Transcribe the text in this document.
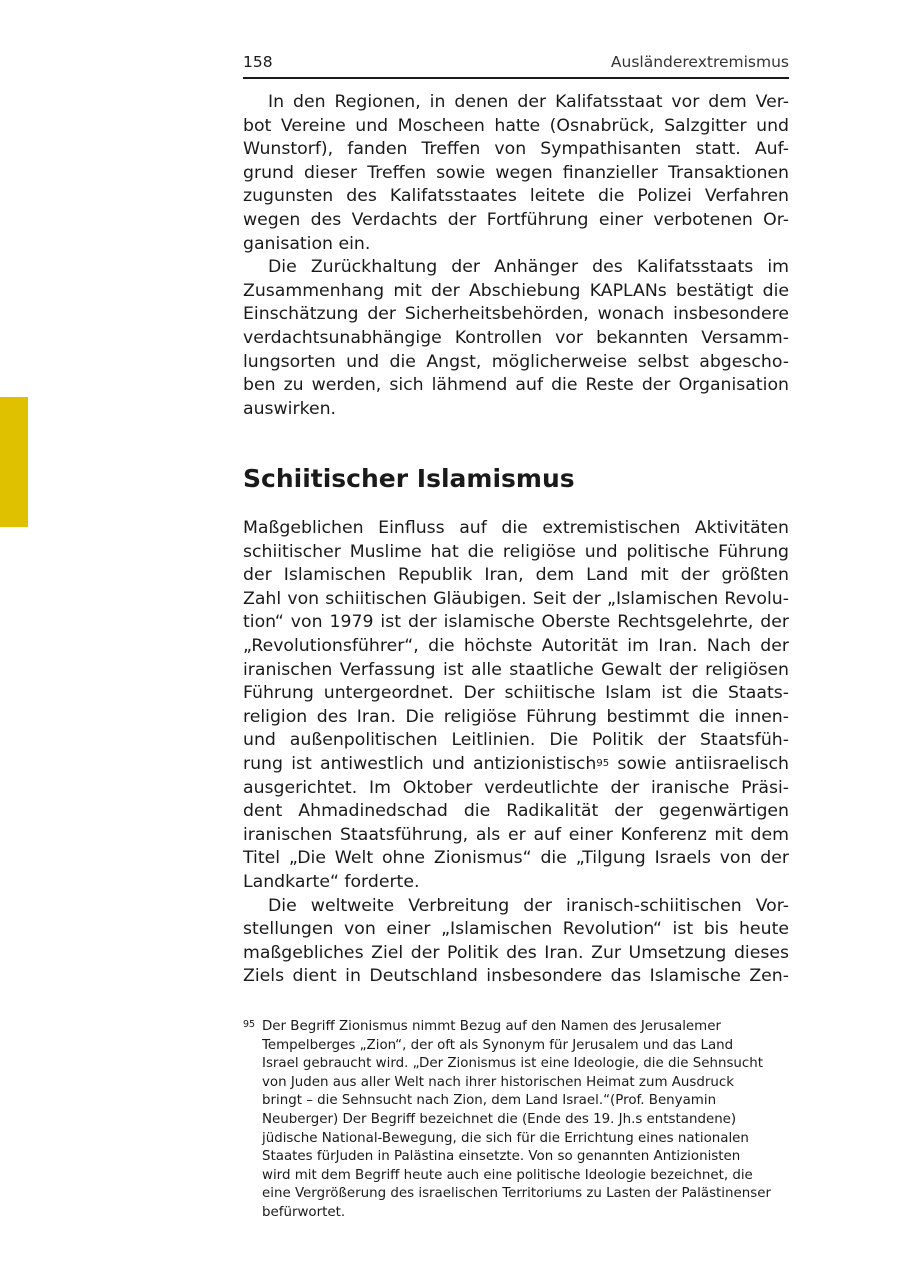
158	Ausländerextremismus
In den Regionen, in denen der Kalifatsstaat vor dem Ver-
bot Vereine und Moscheen hatte (Osnabrück, Salzgitter und
Wunstorf), fanden Treffen von Sympathisanten statt. Auf-
grund dieser Treffen sowie wegen finanzieller Transaktionen
zugunsten des Kalifatsstaates leitete die Polizei Verfahren
wegen des Verdachts der Fortführung einer verbotenen Or-
ganisation ein.
Die Zurückhaltung der Anhänger des Kalifatsstaats im
Zusammenhang mit der Abschiebung KAPLANs bestätigt die
Einschätzung der Sicherheitsbehörden, wonach insbesondere
verdachtsunabhängige Kontrollen vor bekannten Versamm-
lungsorten und die Angst, möglicherweise selbst abgescho-
ben zu werden, sich lähmend auf die Reste der Organisation
auswirken.
Schiitischer Islamismus
Maßgeblichen Einfluss auf die extremistischen Aktivitäten
schiitischer Muslime hat die religiöse und politische Führung
der Islamischen Republik Iran, dem Land mit der größten
Zahl von schiitischen Gläubigen. Seit der „Islamischen Revolu-
tion“ von 1979 ist der islamische Oberste Rechtsgelehrte, der
„Revolutionsführer“, die höchste Autorität im Iran. Nach der
iranischen Verfassung ist alle staatliche Gewalt der religiösen
Führung untergeordnet. Der schiitische Islam ist die Staats-
religion des Iran. Die religiöse Führung bestimmt die innen-
und außenpolitischen Leitlinien. Die Politik der Staatsfüh-
rung ist antiwestlich und antizionistisch$^{95}$ sowie antiisraelisch
ausgerichtet. Im Oktober verdeutlichte der iranische Präsi-
dent Ahmadinedschad die Radikalität der gegenwärtigen
iranischen Staatsführung, als er auf einer Konferenz mit dem
Titel „Die Welt ohne Zionismus“ die „Tilgung Israels von der
Landkarte“ forderte.
Die weltweite Verbreitung der iranisch-schiitischen Vor-
stellungen von einer „Islamischen Revolution“ ist bis heute
maßgebliches Ziel der Politik des Iran. Zur Umsetzung dieses
Ziels dient in Deutschland insbesondere das Islamische Zen-
95 Der Begriff Zionismus nimmt Bezug auf den Namen des Jerusalemer
Tempelberges „Zion“, der oft als Synonym für Jerusalem und das Land
Israel gebraucht wird. „Der Zionismus ist eine Ideologie, die die Sehnsucht
von Juden aus aller Welt nach ihrer historischen Heimat zum Ausdruck
bringt – die Sehnsucht nach Zion, dem Land Israel.“(Prof. Benyamin
Neuberger) Der Begriff bezeichnet die (Ende des 19. Jh.s entstandene)
jüdische National-Bewegung, die sich für die Errichtung eines nationalen
Staates fürJuden in Palästina einsetzte. Von so genannten Antizionisten
wird mit dem Begriff heute auch eine politische Ideologie bezeichnet, die
eine Vergrößerung des israelischen Territoriums zu Lasten der Palästinenser
befürwortet.
